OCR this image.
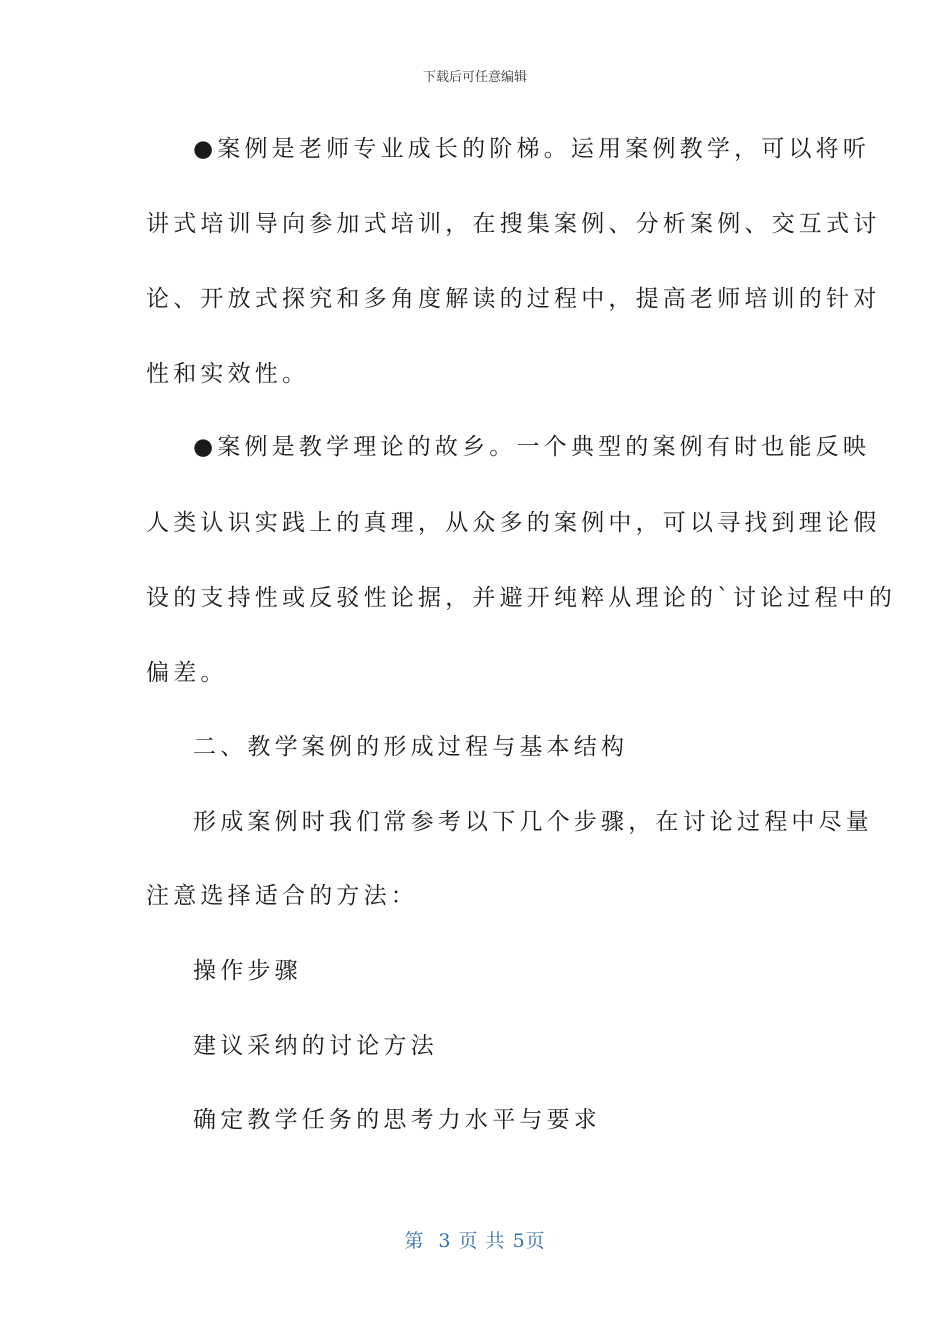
下载后可任意编辑
●案例是老师专业成长的阶梯。运用案例教学，可以将听
讲式培训导向参加式培训，在搜集案例、分析案例、交互式讨
论、开放式探究和多角度解读的过程中，提高老师培训的针对
性和实效性。
●案例是教学理论的故乡。一个典型的案例有时也能反映
人类认识实践上的真理，从众多的案例中，可以寻找到理论假
设的支持性或反驳性论据，并避开纯粹从理论的`讨论过程中的
偏差。
二、教学案例的形成过程与基本结构
形成案例时我们常参考以下几个步骤，在讨论过程中尽量
注意选择适合的方法：
操作步骤
建议采纳的讨论方法
确定教学任务的思考力水平与要求
第  3 页 共 5页
